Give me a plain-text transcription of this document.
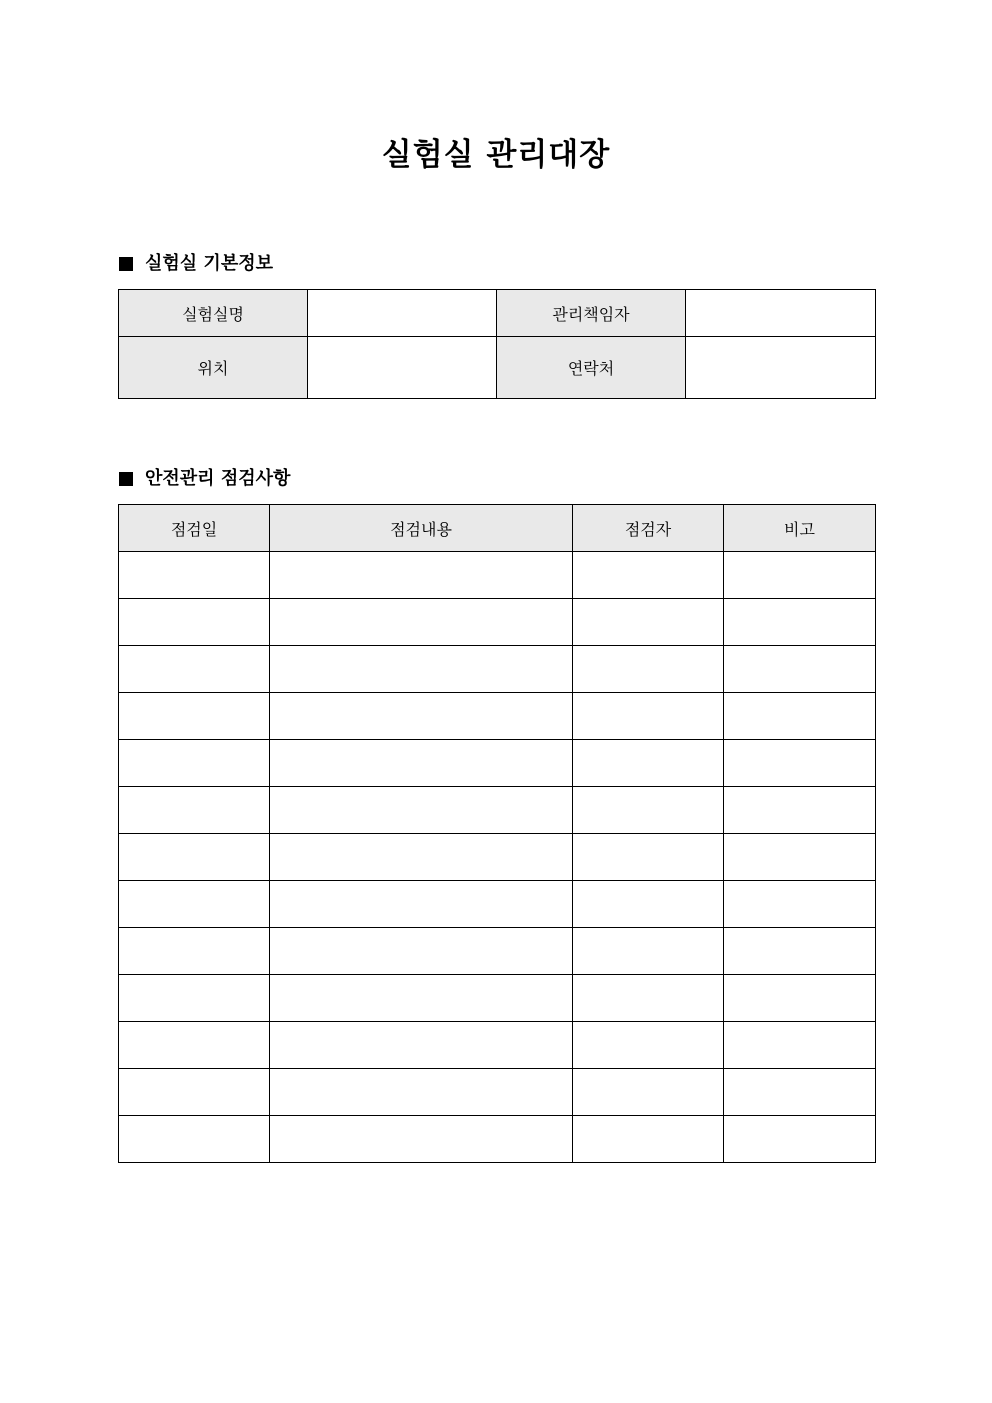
실험실 관리대장
실험실 기본정보
실험실명		관리책임자	
위치		연락처	
안전관리 점검사항
점검일	점검내용	점검자	비고
